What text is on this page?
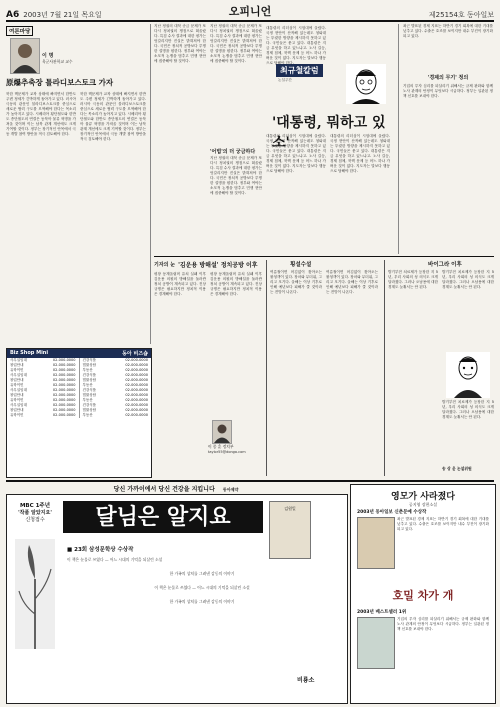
A6 2003년 7월 21일 목요일	오피니언	제25154호 동아일보
여론마당
이 명
육군사관학교 교수
原爆추축장 틀라디보스토크 가자
북한 핵문제가 교착 상태에 빠지면서 한반도 주변 정세가 긴박하게 돌아가고 있다. 러시아 극동의 관문인 블라디보스토크를 중심으로 새로운 협력 구도를 모색해야 한다는 목소리가 높아지고 있다. 시베리아 횡단철도와 한반도 종단철도의 연결은 동북아 물류 혁명을 가져올 것이며 이는 남북 관계 개선에도 크게 기여할 것이다. 정부는 장기적인 안목에서 극동 개발 참여 방안을 적극 검토해야 한다.
북한 핵문제가 교착 상태에 빠지면서 한반도 주변 정세가 긴박하게 돌아가고 있다. 러시아 극동의 관문인 블라디보스토크를 중심으로 새로운 협력 구도를 모색해야 한다는 목소리가 높아지고 있다. 시베리아 횡단철도와 한반도 종단철도의 연결은 동북아 물류 혁명을 가져올 것이며 이는 남북 관계 개선에도 크게 기여할 것이다. 정부는 장기적인 안목에서 극동 개발 참여 방안을 적극 검토해야 한다.
지난 정권의 대북 송금 문제가 또다시 정치권의 쟁점으로 떠올랐다. 특검 수사 결과에 대한 평가는 엇갈리지만 진실은 밝혀져야 한다. 국민은 정치적 공방보다 투명한 설명을 원한다. 정부와 여야는 소모적 논쟁을 멈추고 민생 현안에 집중해야 할 것이다.
지난 정권의 대북 송금 문제가 또다시 정치권의 쟁점으로 떠올랐다. 특검 수사 결과에 대한 평가는 엇갈리지만 진실은 밝혀져야 한다. 국민은 정치적 공방보다 투명한 설명을 원한다. 정부와 여야는 소모적 논쟁을 멈추고 민생 현안에 집중해야 할 것이다.
'어법'의 더 궁금하다
지난 정권의 대북 송금 문제가 또다시 정치권의 쟁점으로 떠올랐다. 특검 수사 결과에 대한 평가는 엇갈리지만 진실은 밝혀져야 한다. 국민은 정치적 공방보다 투명한 설명을 원한다. 정부와 여야는 소모적 논쟁을 멈추고 민생 현안에 집중해야 할 것이다.
최규철칼럼
논설주간
'대통령, 뭐하고 있소'
대통령의 리더십이 시험대에 올랐다. 국정 현안이 산적해 있는데도 청와대는 뚜렷한 방향을 제시하지 못하고 있다. 국민들은 묻고 있다. 대통령은 지금 무엇을 하고 있느냐고. 노사 갈등, 경제 침체, 북핵 문제 등 어느 하나 가벼운 것이 없다. 지도자는 말보다 행동으로 답해야 한다.
대통령의 리더십이 시험대에 올랐다. 국정 현안이 산적해 있는데도 청와대는 뚜렷한 방향을 제시하지 못하고 있다. 국민들은 묻고 있다. 대통령은 지금 무엇을 하고 있느냐고. 노사 갈등, 경제 침체, 북핵 문제 등 어느 하나 가벼운 것이 없다. 지도자는 말보다 행동으로 답해야 한다.
대통령의 리더십이 시험대에 올랐다. 국정 현안이 산적해 있는데도 청와대는 뚜렷한 방향을 제시하지 못하고 있다. 국민들은 묻고 있다. 대통령은 지금 무엇을 하고 있느냐고. 노사 갈등, 경제 침체, 북핵 문제 등 어느 하나 가벼운 것이 없다. 지도자는 말보다 행동으로 답해야 한다.
최근 발표된 경제 지표는 하반기 경기 회복에 대한 기대를 낮추고 있다. 수출은 호조를 보이지만 내수 부진이 장기화되고 있다.
'경제의 무기' 정의
기업의 투자 심리를 되살리기 위해서는 규제 완화와 함께 노사 관계의 안정이 무엇보다 시급하다. 정부는 일관된 정책 신호를 보내야 한다.
기자의 눈 '김운용 방해설' 정치공방 이후
평창 동계올림픽 유치 실패 이후 김운용 의원의 방해설을 둘러싼 정치 공방이 계속되고 있다. 진상 규명은 필요하지만 정치적 이용은 경계해야 한다.
평창 동계올림픽 유치 실패 이후 김운용 의원의 방해설을 둘러싼 정치 공방이 계속되고 있다. 진상 규명은 필요하지만 정치적 이용은 경계해야 한다.
이 종 훈 정치부
taylor55@donga.com
횡설수설
여름철이면 어김없이 찾아오는 불청객이 있다. 장마와 무더위, 그리고 모기다. 올해는 이상 기후로 인해 예년보다 피해가 클 것이라는 전망이 나온다.
여름철이면 어김없이 찾아오는 불청객이 있다. 장마와 무더위, 그리고 모기다. 올해는 이상 기후로 인해 예년보다 피해가 클 것이라는 전망이 나온다.
바이그라 이후
발기부전 치료제가 등장한 지 5년, 우리 사회의 성 의식도 크게 달라졌다. 그러나 오남용에 대한 경계도 늦춰서는 안 된다.
발기부전 치료제가 등장한 지 5년, 우리 사회의 성 의식도 크게 달라졌다. 그러나 오남용에 대한 경계도 늦춰서는 안 된다.
발기부전 치료제가 등장한 지 5년, 우리 사회의 성 의식도 크게 달라졌다. 그러나 오남용에 대한 경계도 늦춰서는 안 된다.
송 상 윤 논설위원
Biz Shop Mini	동아 비즈숍
사무실임대	02-000-0000
창업안내	02-000-0000
유학이민	02-000-0000
사무실임대	02-000-0000
창업안내	02-000-0000
유학이민	02-000-0000
사무실임대	02-000-0000
창업안내	02-000-0000
유학이민	02-000-0000
사무실임대	02-000-0000
창업안내	02-000-0000
유학이민	02-000-0000
건강식품	02-000-0000
법률상담	02-000-0000
부동산	02-000-0000
건강식품	02-000-0000
법률상담	02-000-0000
부동산	02-000-0000
건강식품	02-000-0000
법률상담	02-000-0000
부동산	02-000-0000
건강식품	02-000-0000
법률상담	02-000-0000
부동산	02-000-0000
당신 가까이에서 당신 건강을 지킵니다 동아제약
MBC 1주년
'작품 알았지요'
신청접수	달님은 알지요	김원일
■ 23회 삼성문학상 수상작
이 책은 눈물로 쓰였다 — 어느 시대의 기억을 되살린 소설
한 가족의 상처를 그려낸 감동의 이야기
이 책은 눈물로 쓰였다 — 어느 시대의 기억을 되살린 소설
한 가족의 상처를 그려낸 감동의 이야기
비룡소
영모가 사라졌다
공지영 장편소설
2003년 동아일보 신춘문예 수상작
최근 발표된 경제 지표는 하반기 경기 회복에 대한 기대를 낮추고 있다. 수출은 호조를 보이지만 내수 부진이 장기화되고 있다.
호밀 차가 개
2003년 베스트셀러 1위
기업의 투자 심리를 되살리기 위해서는 규제 완화와 함께 노사 관계의 안정이 무엇보다 시급하다. 정부는 일관된 정책 신호를 보내야 한다.
